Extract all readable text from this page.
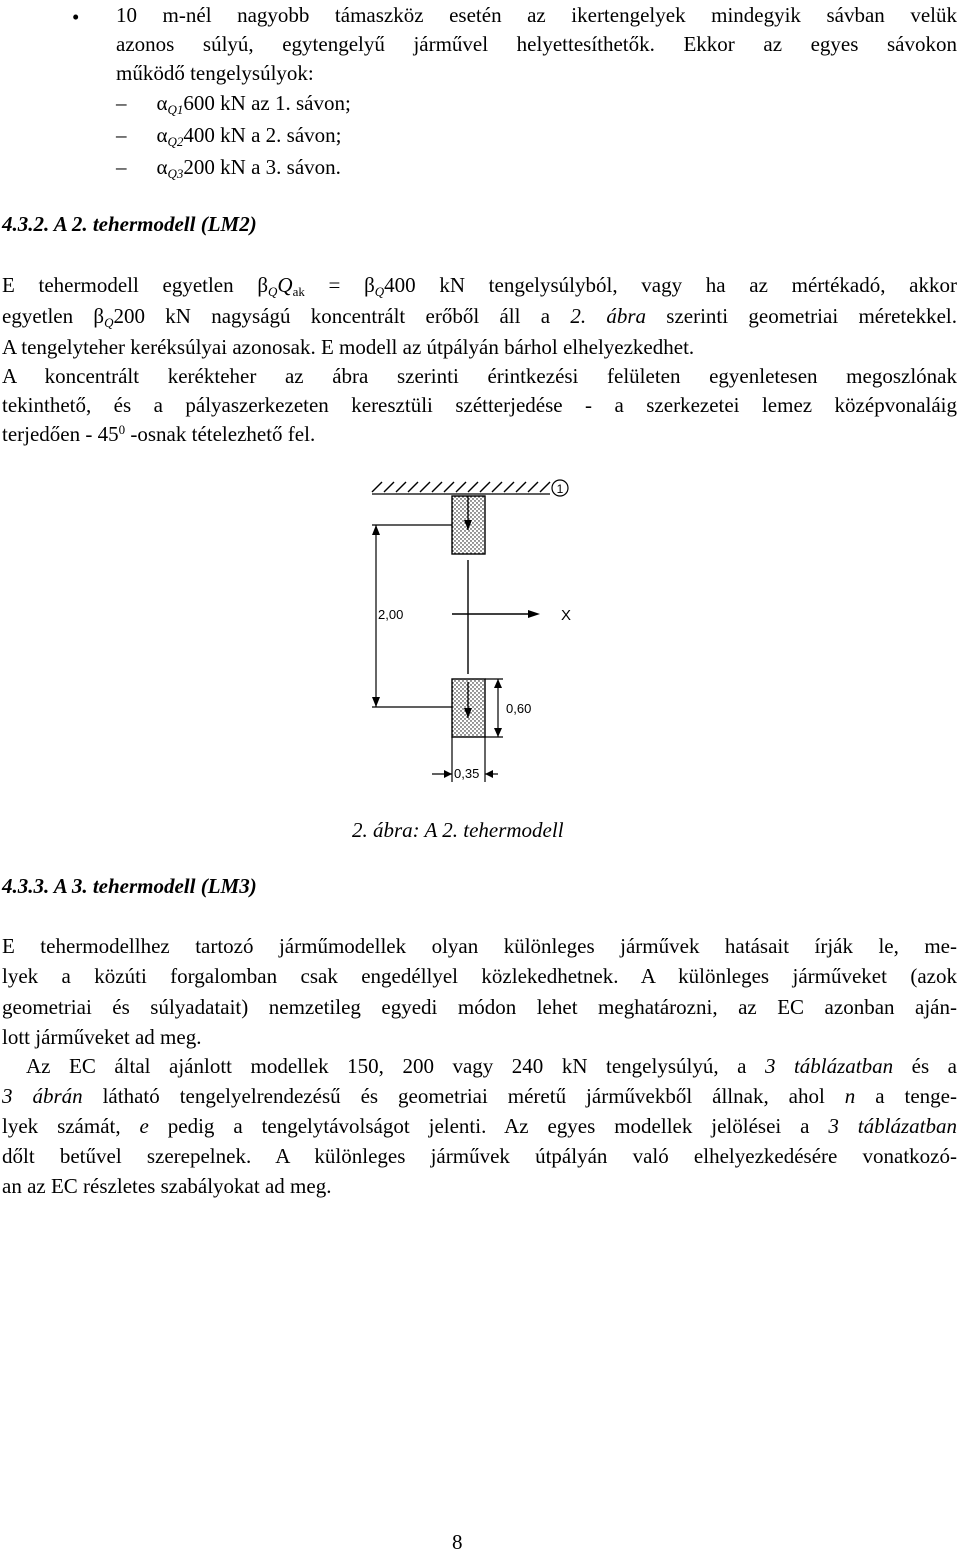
• 10 m-nél nagyobb támaszköz esetén az ikertengelyek mindegyik sávban velük
azonos súlyú, egytengelyű járművel helyettesíthetők. Ekkor az egyes sávokon
működő tengelysúlyok:
– $\alpha_{Q1}600$ kN az 1. sávon;
– $\alpha_{Q2}400$ kN a 2. sávon;
– $\alpha_{Q3}200$ kN a 3. sávon.
4.3.2. A 2. tehermodell (LM2)
E tehermodell egyetlen $\beta_QQ_{ak} = \beta_Q400$ kN tengelysúlyból, vagy ha az mértékadó, akkor
egyetlen $\beta_Q200$ kN nagyságú koncentrált erőből áll a 2. ábra szerinti geometriai méretekkel.
A tengelyteher keréksúlyai azonosak. E modell az útpályán bárhol elhelyezkedhet.
A koncentrált kerékteher az ábra szerinti érintkezési felületen egyenletesen megoszlónak
tekinthető, és a pályaszerkezeten keresztüli szétterjedése - a szerkezetei lemez középvonaláig
terjedően - $45^0$ -osnak tételezhető fel.
1
X
2,00
0,60
0,35
2. ábra: A 2. tehermodell
4.3.3. A 3. tehermodell (LM3)
E tehermodellhez tartozó járműmodellek olyan különleges járművek hatásait írják le, me-
lyek a közúti forgalomban csak engedéllyel közlekedhetnek. A különleges járműveket (azok
geometriai és súlyadatait) nemzetileg egyedi módon lehet meghatározni, az EC azonban aján-
lott járműveket ad meg.
Az EC által ajánlott modellek 150, 200 vagy 240 kN tengelysúlyú, a 3 táblázatban és a
3 ábrán látható tengelyelrendezésű és geometriai méretű járművekből állnak, ahol n a tenge-
lyek számát, e pedig a tengelytávolságot jelenti. Az egyes modellek jelölései a 3 táblázatban
dőlt betűvel szerepelnek. A különleges járművek útpályán való elhelyezkedésére vonatkozó-
an az EC részletes szabályokat ad meg.
8
